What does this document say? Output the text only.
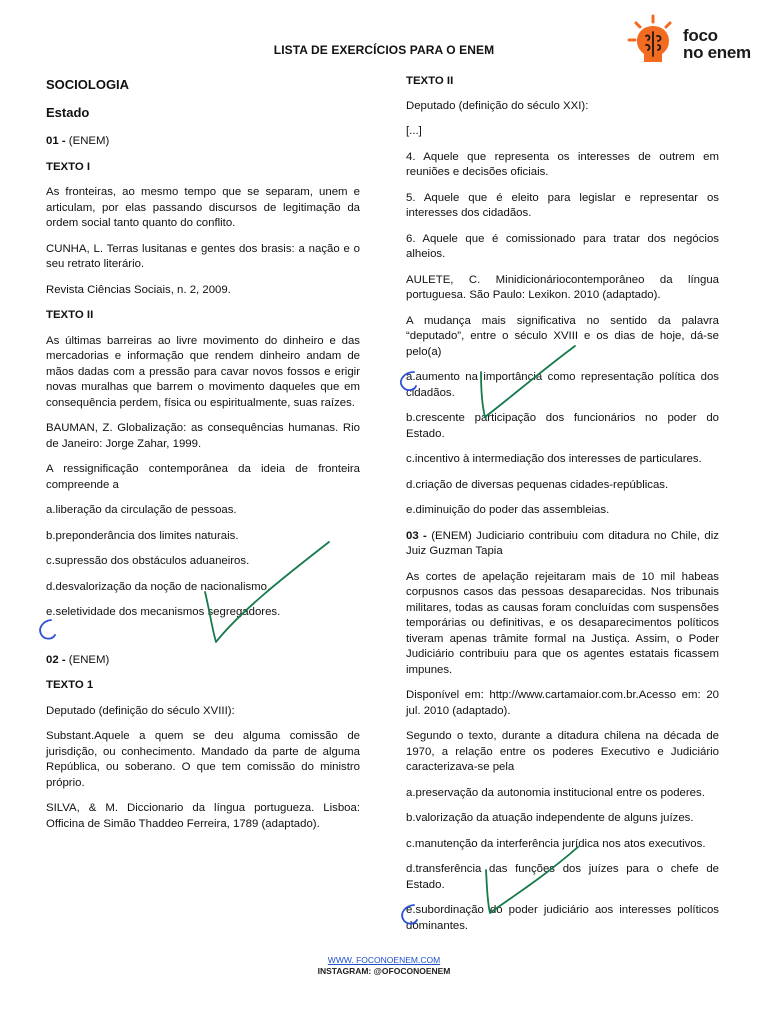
LISTA DE EXERCÍCIOS PARA O ENEM
foco
no enem

SOCIOLOGIA

Estado

01 - (ENEM)

TEXTO I

As fronteiras, ao mesmo tempo que se separam, unem e articulam, por elas passando discursos de legitimação da ordem social tanto quanto do conflito.

CUNHA, L. Terras lusitanas e gentes dos brasis: a nação e o seu retrato literário.

Revista Ciências Sociais, n. 2, 2009.

TEXTO II

As últimas barreiras ao livre movimento do dinheiro e das mercadorias e informação que rendem dinheiro andam de mãos dadas com a pressão para cavar novos fossos e erigir novas muralhas que barrem o movimento daqueles que em consequência perdem, física ou espiritualmente, suas raízes.

BAUMAN, Z. Globalização: as consequências humanas. Rio de Janeiro: Jorge Zahar, 1999.

A ressignificação contemporânea da ideia de fronteira compreende a

a.liberação da circulação de pessoas.

b.preponderância dos limites naturais.

c.supressão dos obstáculos aduaneiros.

d.desvalorização da noção de nacionalismo.

e.seletividade dos mecanismos segregadores.

02 - (ENEM)

TEXTO 1

Deputado (definição do século XVIII):

Substant.Aquele a quem se deu alguma comissão de jurisdição, ou conhecimento. Mandado da parte de alguma República, ou soberano. O que tem comissão do ministro próprio.

SILVA, & M. Diccionario da língua portugueza. Lisboa: Officina de Simão Thaddeo Ferreira, 1789 (adaptado).

TEXTO II

Deputado (definição do século XXI):

[...]

4. Aquele que representa os interesses de outrem em reuniões e decisões oficiais.

5. Aquele que é eleito para legislar e representar os interesses dos cidadãos.

6. Aquele que é comissionado para tratar dos negócios alheios.

AULETE, C. Minidicionáriocontemporâneo da língua portuguesa. São Paulo: Lexikon. 2010 (adaptado).

A mudança mais significativa no sentido da palavra “deputado”, entre o século XVIII e os dias de hoje, dá-se pelo(a)

a.aumento na importância como representação política dos cidadãos.

b.crescente participação dos funcionários no poder do Estado.

c.incentivo à intermediação dos interesses de particulares.

d.criação de diversas pequenas cidades-repúblicas.

e.diminuição do poder das assembleias.

03 - (ENEM) Judiciario contribuiu com ditadura no Chile, diz Juiz Guzman Tapia

As cortes de apelação rejeitaram mais de 10 mil habeas corpusnos casos das pessoas desaparecidas. Nos tribunais militares, todas as causas foram concluídas com suspensões temporárias ou definitivas, e os desaparecimentos políticos tiveram apenas trâmite formal na Justiça. Assim, o Poder Judiciário contribuiu para que os agentes estatais ficassem impunes.

Disponível em: http://www.cartamaior.com.br.Acesso em: 20 jul. 2010 (adaptado).

Segundo o texto, durante a ditadura chilena na década de 1970, a relação entre os poderes Executivo e Judiciário caracterizava-se pela

a.preservação da autonomia institucional entre os poderes.

b.valorização da atuação independente de alguns juízes.

c.manutenção da interferência jurídica nos atos executivos.

d.transferência das funções dos juízes para o chefe de Estado.

e.subordinação do poder judiciário aos interesses políticos dominantes.

WWW. FOCONOENEM.COM
INSTAGRAM: @OFOCONOENEM
